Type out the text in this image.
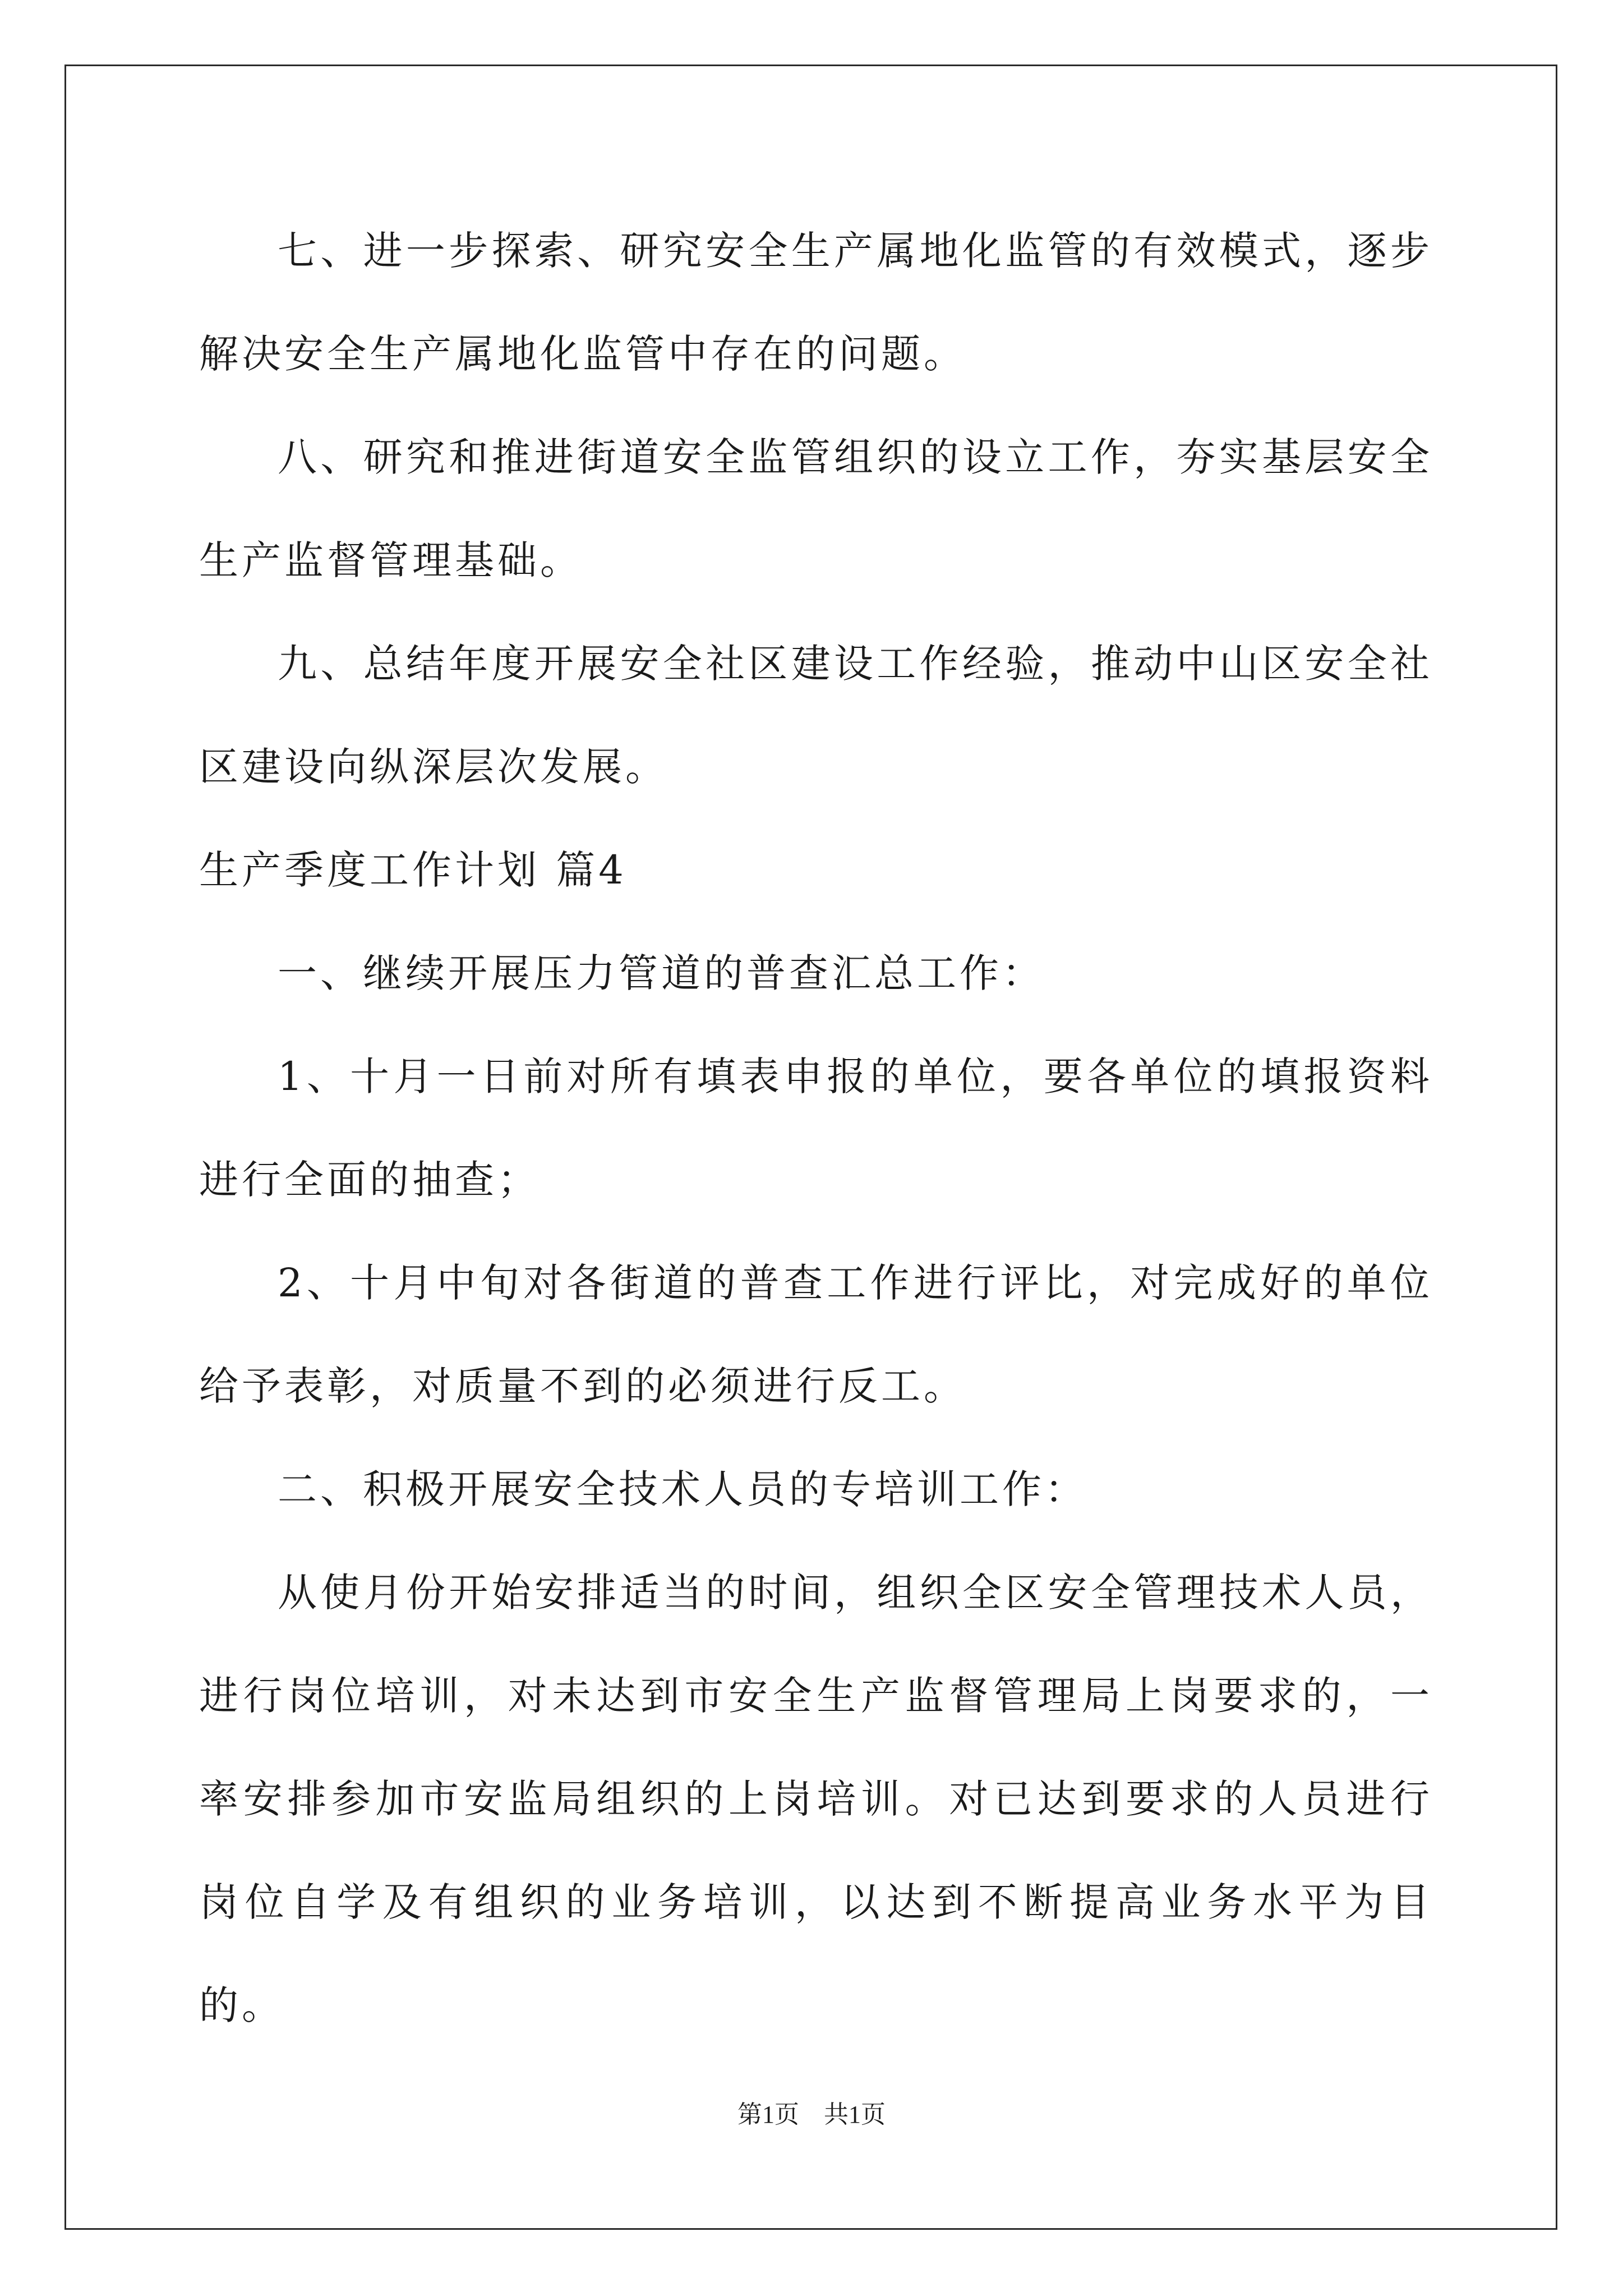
七、进一步探索、研究安全生产属地化监管的有效模式，逐步解决安全生产属地化监管中存在的问题。

八、研究和推进街道安全监管组织的设立工作，夯实基层安全生产监督管理基础。

九、总结年度开展安全社区建设工作经验，推动中山区安全社区建设向纵深层次发展。

生产季度工作计划 篇4

一、继续开展压力管道的普查汇总工作：

1、十月一日前对所有填表申报的单位，要各单位的填报资料进行全面的抽查；

2、十月中旬对各街道的普查工作进行评比，对完成好的单位给予表彰，对质量不到的必须进行反工。

二、积极开展安全技术人员的专培训工作：

从使月份开始安排适当的时间，组织全区安全管理技术人员，进行岗位培训，对未达到市安全生产监督管理局上岗要求的，一率安排参加市安监局组织的上岗培训。对已达到要求的人员进行岗位自学及有组织的业务培训，以达到不断提高业务水平为目的。

第1页 共1页
